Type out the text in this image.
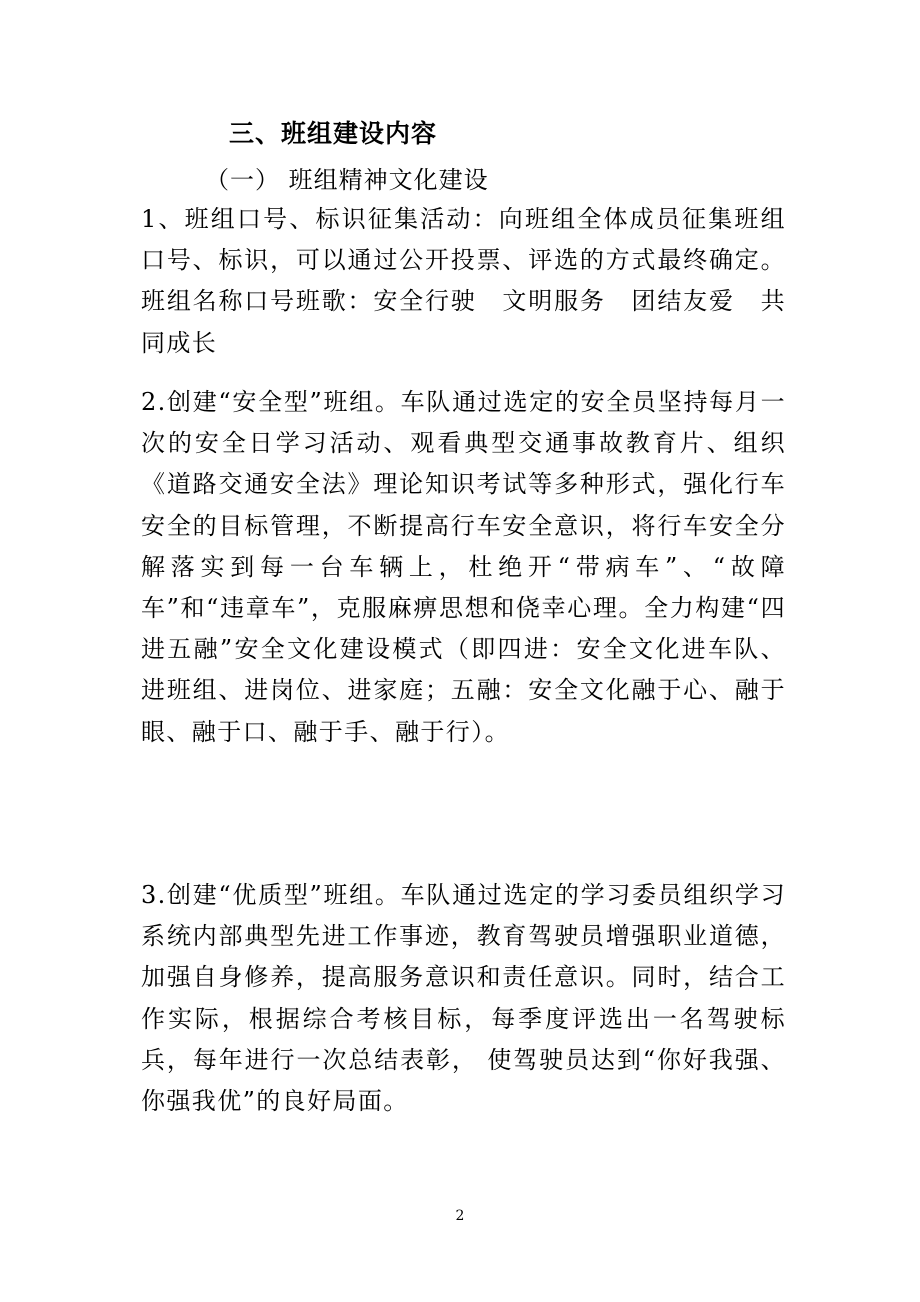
三、班组建设内容
（一） 班组精神文化建设

1、班组口号、标识征集活动：向班组全体成员征集班组口号、标识，可以通过公开投票、评选的方式最终确定。班组名称口号班歌：安全行驶　文明服务　团结友爱　共同成长

2.创建“安全型”班组。车队通过选定的安全员坚持每月一次的安全日学习活动、观看典型交通事故教育片、组织《道路交通安全法》理论知识考试等多种形式，强化行车安全的目标管理，不断提高行车安全意识，将行车安全分解落实到每一台车辆上，杜绝开“带病车”、“故障车”和“违章车”，克服麻痹思想和侥幸心理。全力构建“四进五融”安全文化建设模式（即四进：安全文化进车队、进班组、进岗位、进家庭；五融：安全文化融于心、融于眼、融于口、融于手、融于行）。

3.创建“优质型”班组。车队通过选定的学习委员组织学习系统内部典型先进工作事迹，教育驾驶员增强职业道德，加强自身修养，提高服务意识和责任意识。同时，结合工作实际，根据综合考核目标，每季度评选出一名驾驶标兵，每年进行一次总结表彰， 使驾驶员达到“你好我强、你强我优”的良好局面。

2
